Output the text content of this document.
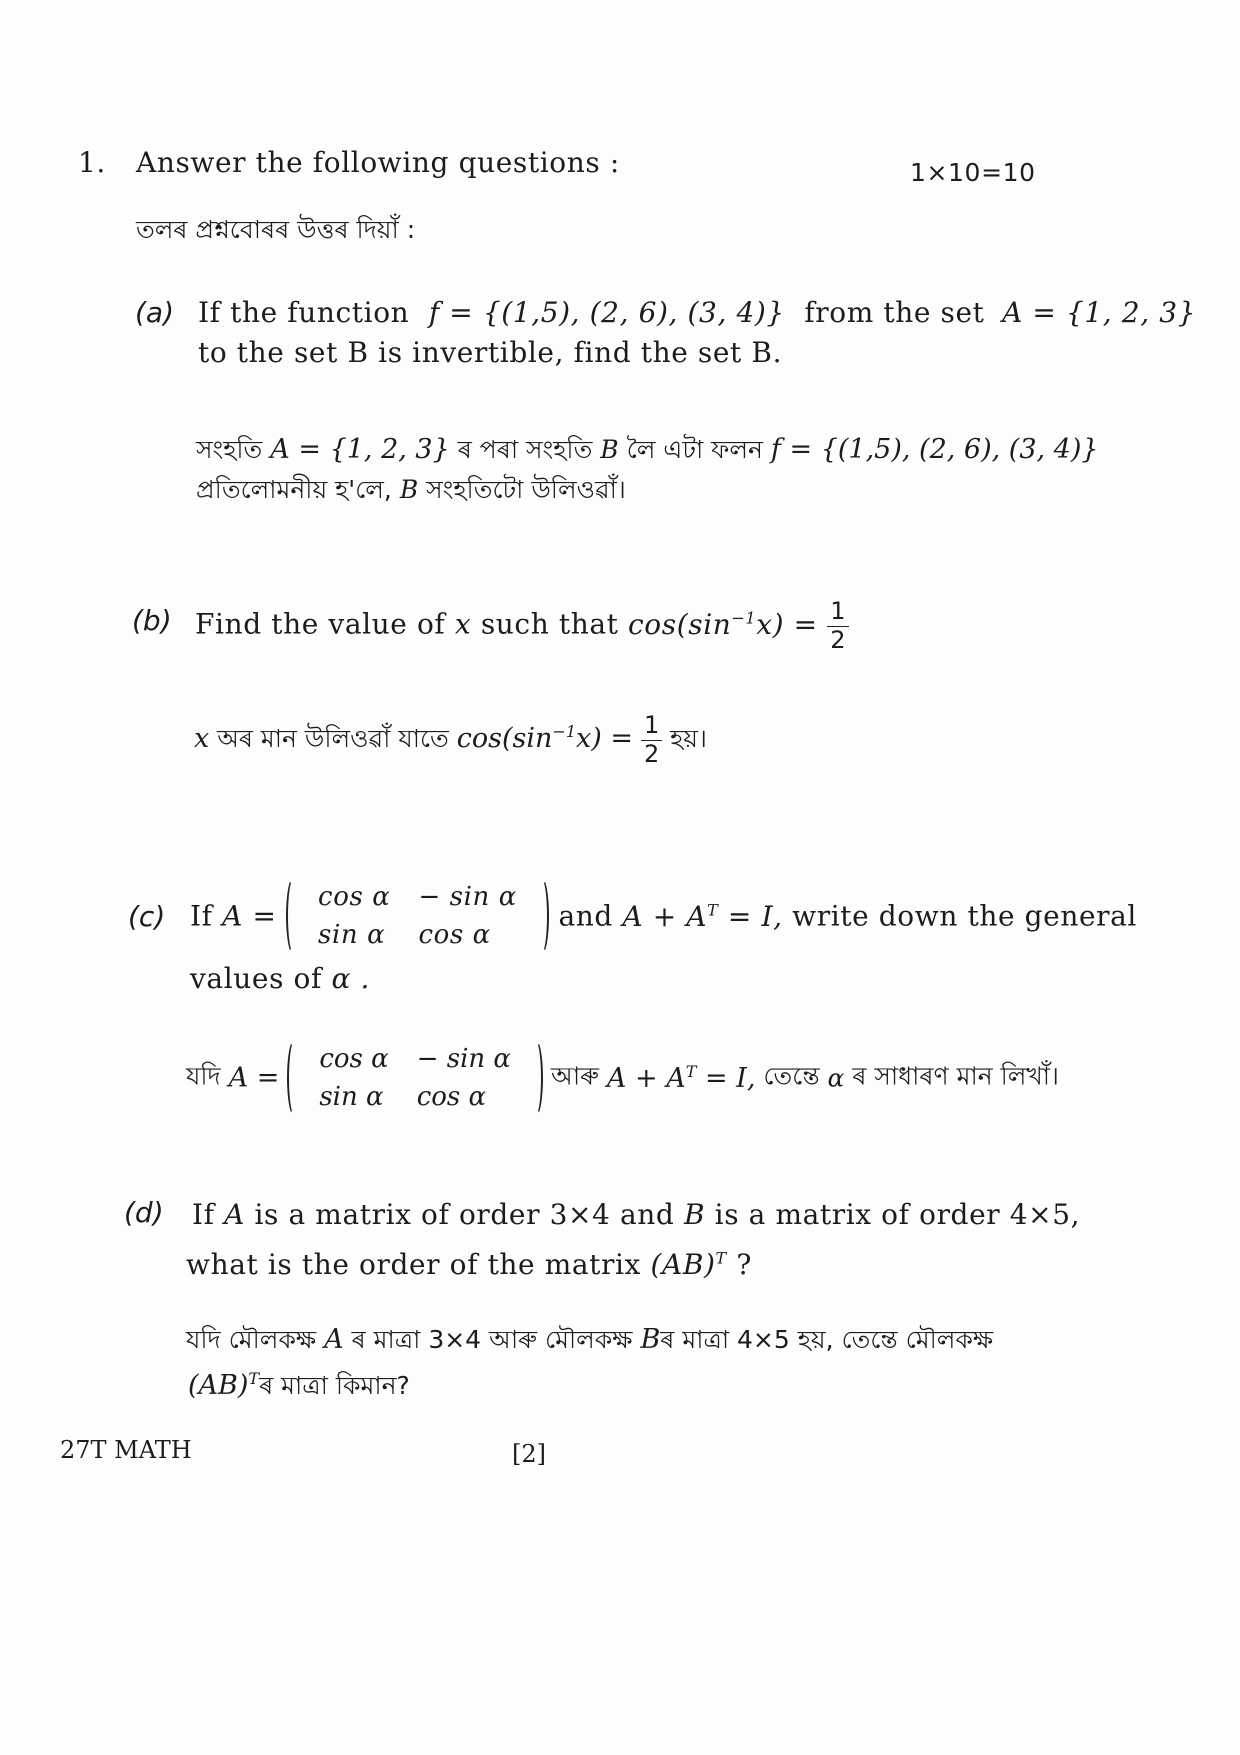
1. Answer the following questions :	1×10=10
তলৰ প্ৰশ্নবোৰৰ উত্তৰ দিয়াঁ :
(a) If the function f = {(1,5), (2, 6), (3, 4)} from the set A = {1, 2, 3}
to the set B is invertible, find the set B.
সংহতি A = {1, 2, 3} ৰ পৰা সংহতি B লৈ এটা ফলন f = {(1,5), (2, 6), (3, 4)}
প্ৰতিলোমনীয় হ'লে, B সংহতিটো উলিওৱাঁ।
(b) Find the value of x such that $\cos(\sin^{-1}x) = \frac{1}{2}$
x অৰ মান উলিওৱাঁ যাতে $\cos(\sin^{-1}x) = \frac{1}{2}$ হয়।
(c) If A =
cos α	− sin α
sin α	cos α
and $A + A^T = I$, write down the general
values of α .
যদি A =
cos α	− sin α
sin α	cos α
আৰু $A + A^T = I$, তেন্তে α ৰ সাধাৰণ মান লিখাঁ।
(d) If A is a matrix of order 3×4 and B is a matrix of order 4×5,
what is the order of the matrix (AB)$^T$ ?
যদি মৌলকক্ষ A ৰ মাত্ৰা 3×4 আৰু মৌলকক্ষ Bৰ মাত্ৰা 4×5 হয়, তেন্তে মৌলকক্ষ
(AB)$^T$ৰ মাত্ৰা কিমান?
27T MATH	[2]
